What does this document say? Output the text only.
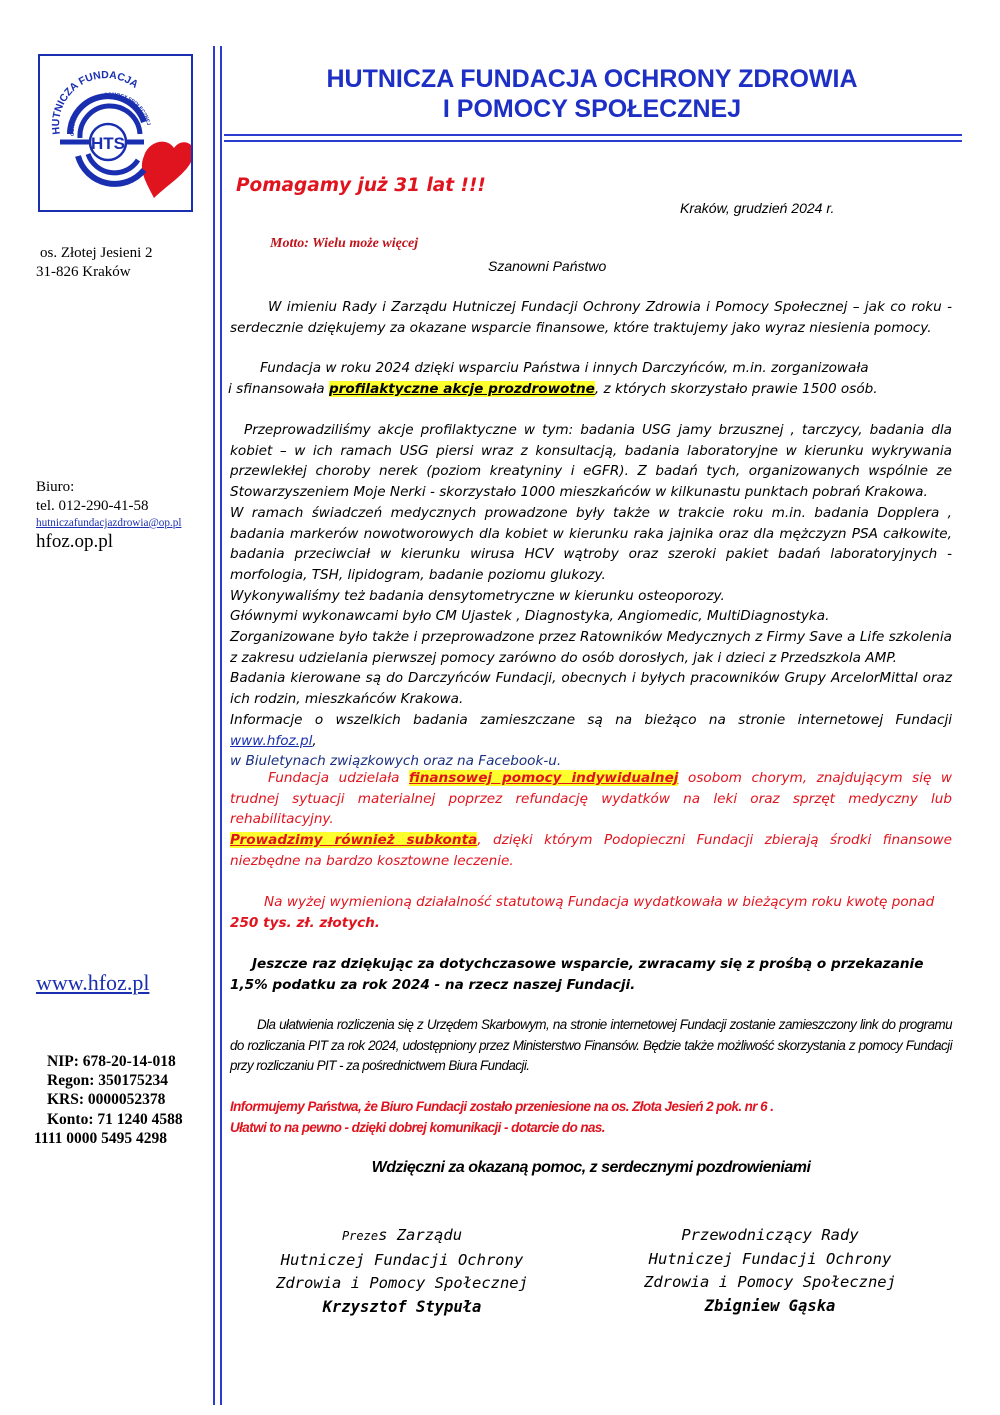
HTS
HUTNICZA FUNDACJA
OCHRONY ZDROWIA I POMOCY SPOŁECZNEJ
HUTNICZA FUNDACJA OCHRONY ZDROWIA
I POMOCY SPOŁECZNEJ
os. Złotej Jesieni 2
31-826 Kraków
Biuro:
tel. 012-290-41-58
hutniczafundacjazdrowia@op.pl
hfoz.op.pl
www.hfoz.pl
NIP: 678-20-14-018
Regon: 350175234
KRS: 0000052378
Konto: 71 1240 4588
1111 0000 5495 4298
Pomagamy już 31 lat !!!
Kraków, grudzień 2024 r.
Motto: Wielu może więcej
Szanowni Państwo
W imieniu Rady i Zarządu Hutniczej Fundacji Ochrony Zdrowia i Pomocy Społecznej – jak co roku - serdecznie dziękujemy za okazane wsparcie finansowe, które traktujemy jako wyraz niesienia pomocy.
Fundacja w roku 2024 dzięki wsparciu Państwa i innych Darczyńców, m.in. zorganizowała
i sfinansowała profilaktyczne akcje prozdrowotne, z których skorzystało prawie 1500 osób.
Przeprowadziliśmy akcje profilaktyczne w tym: badania USG jamy brzusznej , tarczycy, badania dla kobiet – w ich ramach USG piersi wraz z konsultacją, badania laboratoryjne w kierunku wykrywania przewlekłej choroby nerek (poziom kreatyniny i eGFR). Z badań tych, organizowanych wspólnie ze Stowarzyszeniem Moje Nerki - skorzystało 1000 mieszkańców w kilkunastu punktach pobrań Krakowa.
W ramach świadczeń medycznych prowadzone były także w trakcie roku m.in. badania Dopplera , badania markerów nowotworowych dla kobiet w kierunku raka jajnika oraz dla mężczyzn PSA całkowite, badania przeciwciał w kierunku wirusa HCV wątroby oraz szeroki pakiet badań laboratoryjnych - morfologia, TSH, lipidogram, badanie poziomu glukozy.
Wykonywaliśmy też badania densytometryczne w kierunku osteoporozy.
Głównymi wykonawcami było CM Ujastek , Diagnostyka, Angiomedic, MultiDiagnostyka.
Zorganizowane było także i przeprowadzone przez Ratowników Medycznych z Firmy Save a Life szkolenia z zakresu udzielania pierwszej pomocy zarówno do osób dorosłych, jak i dzieci z Przedszkola AMP.
Badania kierowane są do Darczyńców Fundacji, obecnych i byłych pracowników Grupy ArcelorMittal oraz ich rodzin, mieszkańców Krakowa.
Informacje o wszelkich badania zamieszczane są na bieżąco na stronie internetowej Fundacji www.hfoz.pl,
w Biuletynach związkowych oraz na Facebook-u.
Fundacja udzielała finansowej pomocy indywidualnej osobom chorym, znajdującym się w trudnej sytuacji materialnej poprzez refundację wydatków na leki oraz sprzęt medyczny lub rehabilitacyjny.
Prowadzimy również subkonta, dzięki którym Podopieczni Fundacji zbierają środki finansowe niezbędne na bardzo kosztowne leczenie.
Na wyżej wymienioną działalność statutową Fundacja wydatkowała w bieżącym roku kwotę ponad
250 tys. zł. złotych.
Jeszcze raz dziękując za dotychczasowe wsparcie, zwracamy się z prośbą o przekazanie
1,5% podatku za rok 2024 - na rzecz naszej Fundacji.
Dla ułatwienia rozliczenia się z Urzędem Skarbowym, na stronie internetowej Fundacji zostanie zamieszczony link do programu do rozliczania PIT za rok 2024, udostępniony przez Ministerstwo Finansów. Będzie także możliwość skorzystania z pomocy Fundacji przy rozliczaniu PIT - za pośrednictwem Biura Fundacji.
Informujemy Państwa, że Biuro Fundacji zostało przeniesione na os. Złota Jesień 2 pok. nr 6 .
Ułatwi to na pewno - dzięki dobrej komunikacji - dotarcie do nas.
Wdzięczni za okazaną pomoc, z serdecznymi pozdrowieniami
Prezes Zarządu
Hutniczej Fundacji Ochrony
Zdrowia i Pomocy Społecznej
Krzysztof Stypuła
Przewodniczący Rady
Hutniczej Fundacji Ochrony
Zdrowia i Pomocy Społecznej
Zbigniew Gąska
